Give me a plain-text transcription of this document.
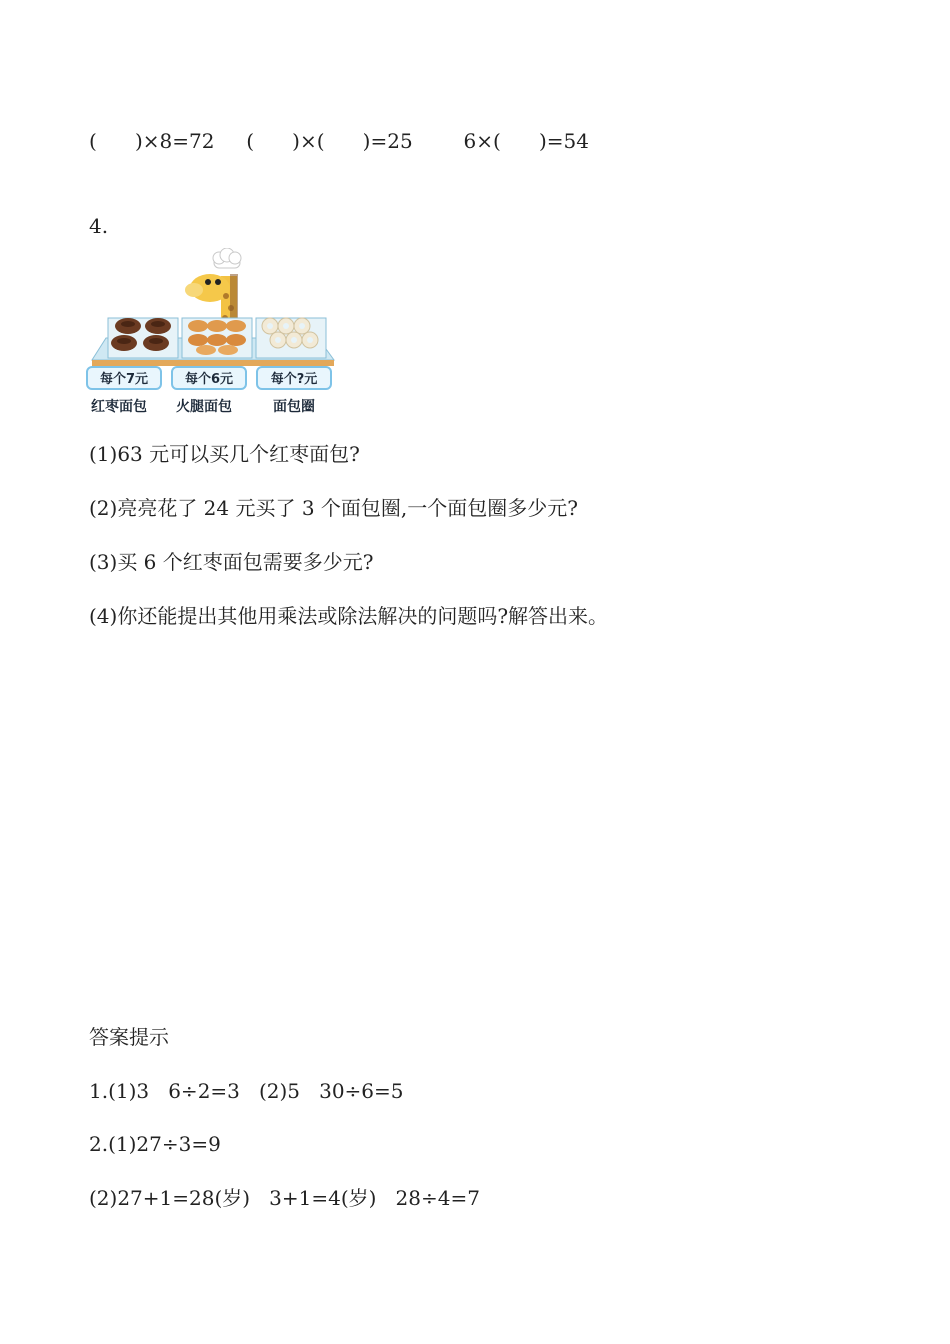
(      )×8=72     (      )×(      )=25        6×(      )=54
4.
每个7元	每个6元	每个?元
红枣面包 火腿面包	面包圈
(1)63 元可以买几个红枣面包?
(2)亮亮花了 24 元买了 3 个面包圈,一个面包圈多少元?
(3)买 6 个红枣面包需要多少元?
(4)你还能提出其他用乘法或除法解决的问题吗?解答出来。
答案提示
1.(1)3   6÷2=3   (2)5   30÷6=5
2.(1)27÷3=9
(2)27+1=28(岁)   3+1=4(岁)   28÷4=7
